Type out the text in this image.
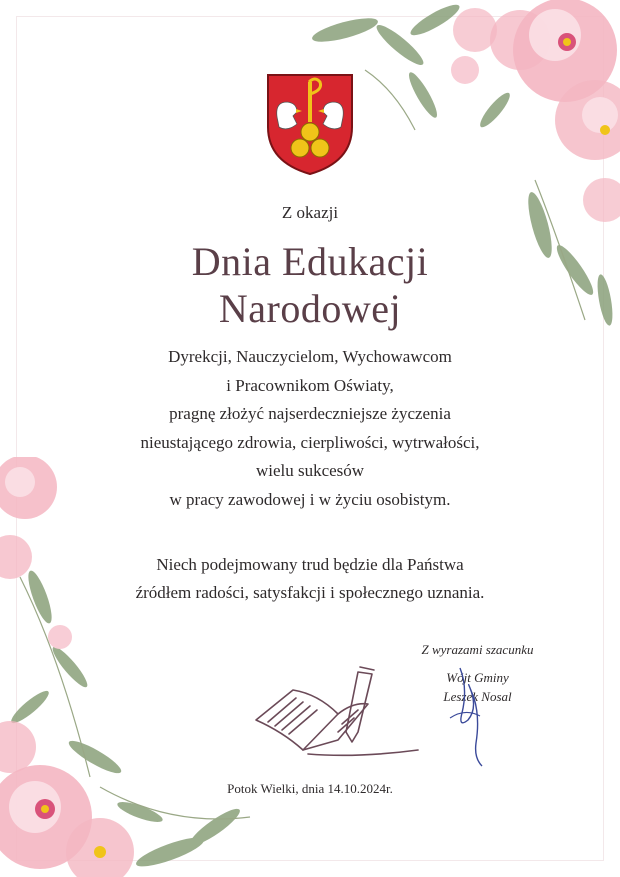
Z okazji
Dnia Edukacji
Narodowej
Dyrekcji, Nauczycielom, Wychowawcom
i Pracownikom Oświaty,
pragnę złożyć najserdeczniejsze życzenia
nieustającego zdrowia, cierpliwości, wytrwałości,
wielu sukcesów
w pracy zawodowej i w życiu osobistym.
Niech podejmowany trud będzie dla Państwa
źródłem radości, satysfakcji i społecznego uznania.
Z wyrazami szacunku
Wójt Gminy
Leszek Nosal
Potok Wielki, dnia 14.10.2024r.
